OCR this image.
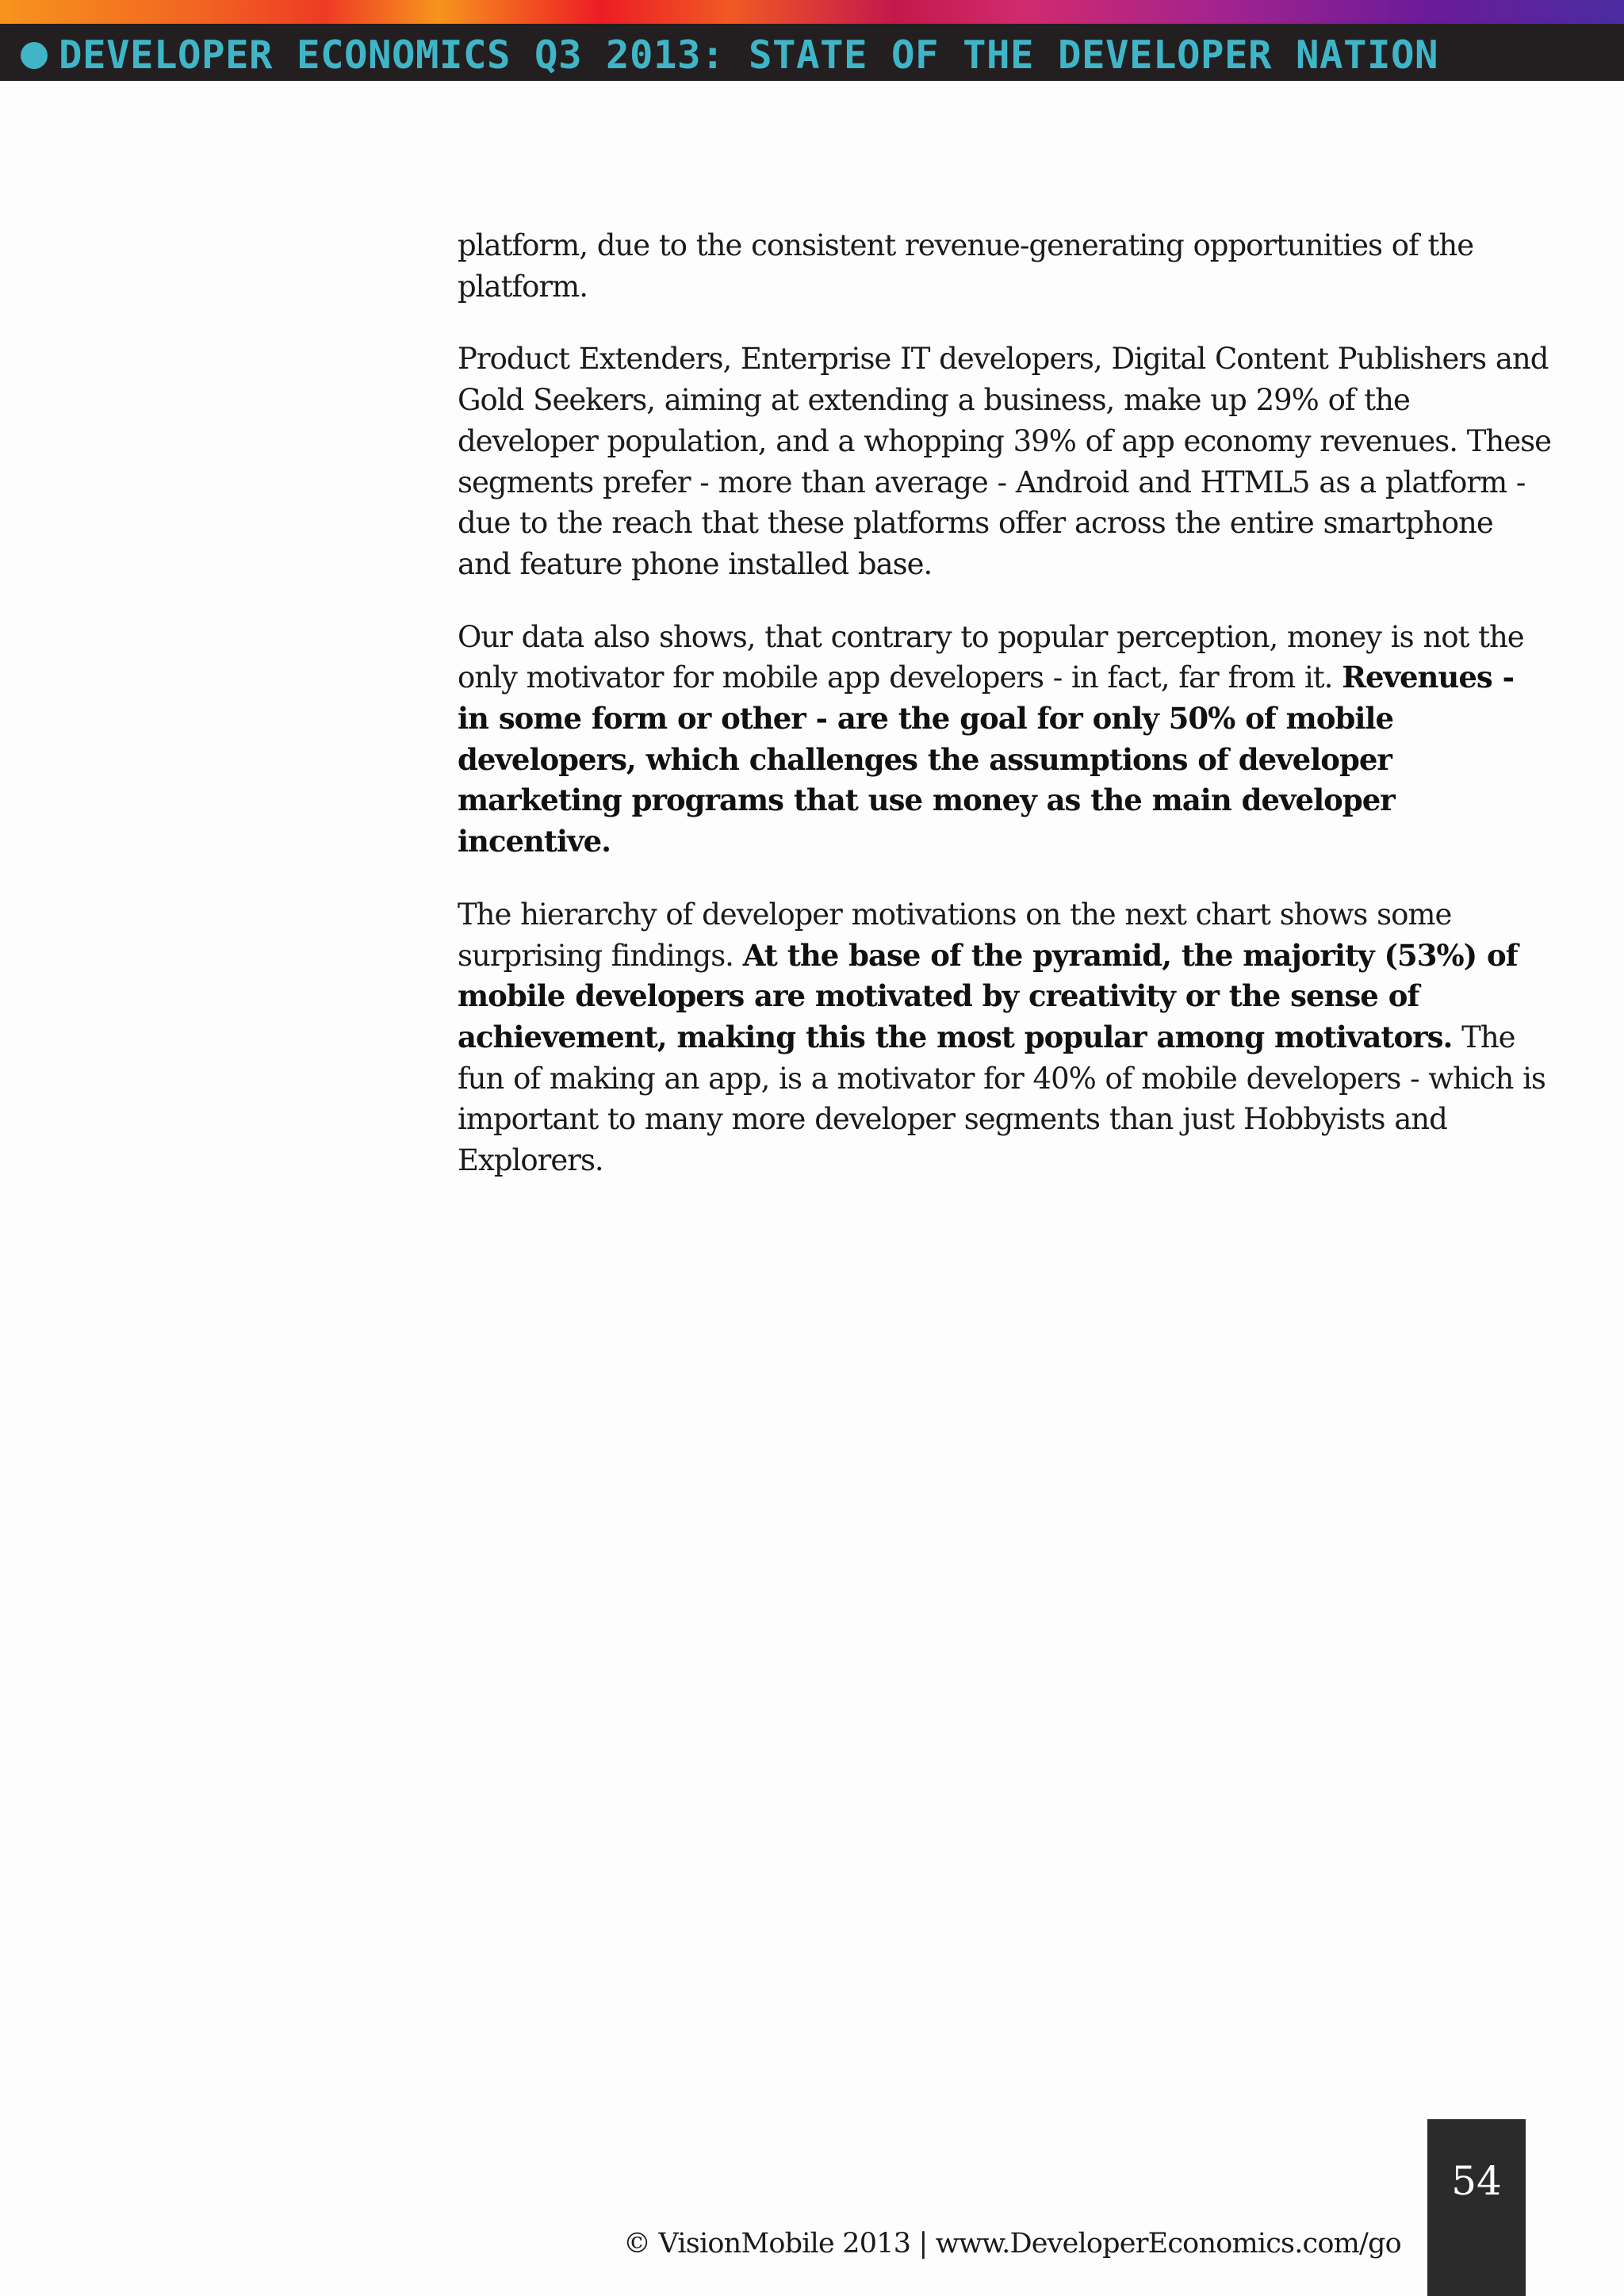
DEVELOPER ECONOMICS Q3 2013: STATE OF THE DEVELOPER NATION

platform, due to the consistent revenue-generating opportunities of the platform.

Product Extenders, Enterprise IT developers, Digital Content Publishers and Gold Seekers, aiming at extending a business, make up 29% of the developer population, and a whopping 39% of app economy revenues. These segments prefer - more than average - Android and HTML5 as a platform - due to the reach that these platforms offer across the entire smartphone and feature phone installed base.

Our data also shows, that contrary to popular perception, money is not the only motivator for mobile app developers - in fact, far from it. Revenues - in some form or other - are the goal for only 50% of mobile developers, which challenges the assumptions of developer marketing programs that use money as the main developer incentive.

The hierarchy of developer motivations on the next chart shows some surprising findings. At the base of the pyramid, the majority (53%) of mobile developers are motivated by creativity or the sense of achievement, making this the most popular among motivators. The fun of making an app, is a motivator for 40% of mobile developers - which is important to many more developer segments than just Hobbyists and Explorers.

© VisionMobile 2013 | www.DeveloperEconomics.com/go
54
